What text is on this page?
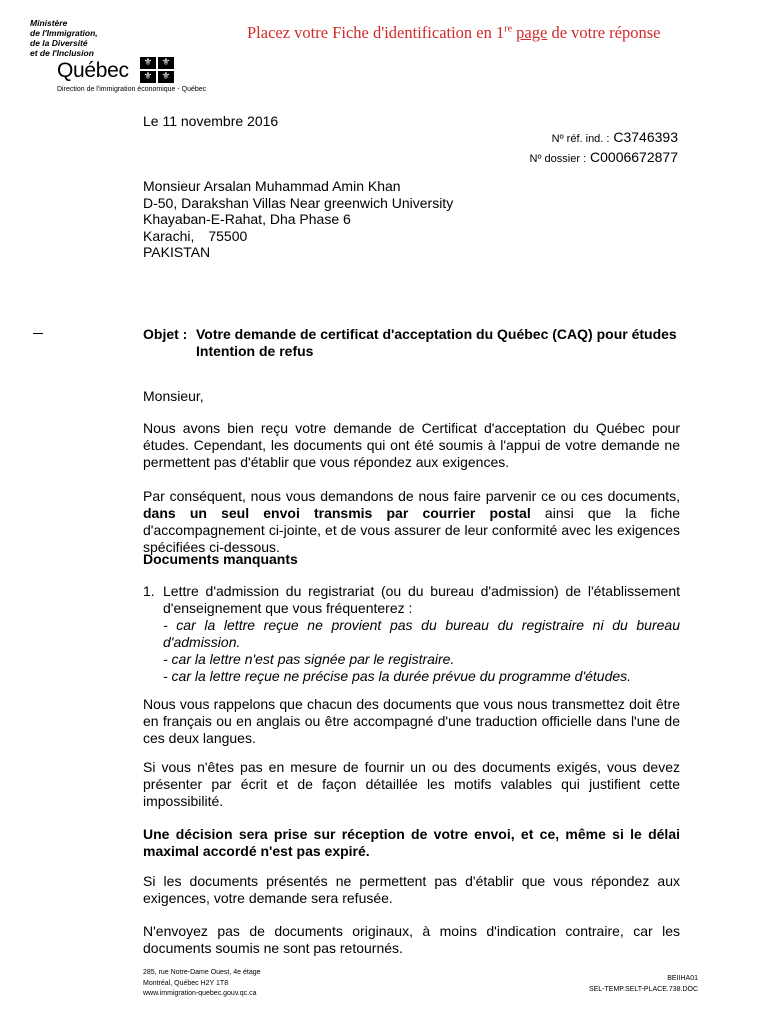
Ministère
de l'Immigration,
de la Diversité
et de l'Inclusion
Québec	⚜ ⚜
⚜ ⚜
Direction de l'immigration économique - Québec
Placez votre Fiche d'identification en 1re page de votre réponse
Le 11 novembre 2016
Nº réf. ind. : C3746393
Nº dossier : C0006672877
Monsieur Arsalan Muhammad Amin Khan
D-50, Darakshan Villas Near greenwich University
Khayaban-E-Rahat, Dha Phase 6
Karachi, 75500
PAKISTAN
Objet : Votre demande de certificat d'acceptation du Québec (CAQ) pour études
Intention de refus
Monsieur,
Nous avons bien reçu votre demande de Certificat d'acceptation du Québec pour études. Cependant, les documents qui ont été soumis à l'appui de votre demande ne permettent pas d'établir que vous répondez aux exigences.
Par conséquent, nous vous demandons de nous faire parvenir ce ou ces documents, dans un seul envoi transmis par courrier postal ainsi que la fiche d'accompagnement ci-jointe, et de vous assurer de leur conformité avec les exigences spécifiées ci-dessous.
Documents manquants
1. Lettre d'admission du registrariat (ou du bureau d'admission) de l'établissement d'enseignement que vous fréquenterez :
- car la lettre reçue ne provient pas du bureau du registraire ni du bureau d'admission.
- car la lettre n'est pas signée par le registraire.
- car la lettre reçue ne précise pas la durée prévue du programme d'études.
Nous vous rappelons que chacun des documents que vous nous transmettez doit être en français ou en anglais ou être accompagné d'une traduction officielle dans l'une de ces deux langues.
Si vous n'êtes pas en mesure de fournir un ou des documents exigés, vous devez présenter par écrit et de façon détaillée les motifs valables qui justifient cette impossibilité.
Une décision sera prise sur réception de votre envoi, et ce, même si le délai maximal accordé n'est pas expiré.
Si les documents présentés ne permettent pas d'établir que vous répondez aux exigences, votre demande sera refusée.
N'envoyez pas de documents originaux, à moins d'indication contraire, car les documents soumis ne sont pas retournés.
285, rue Notre-Dame Ouest, 4e étage
Montréal, Québec H2Y 1T8
www.immigration-quebec.gouv.qc.ca
BEIIHA01
SEL-TEMP.SELT-PLACE.738.DOC
